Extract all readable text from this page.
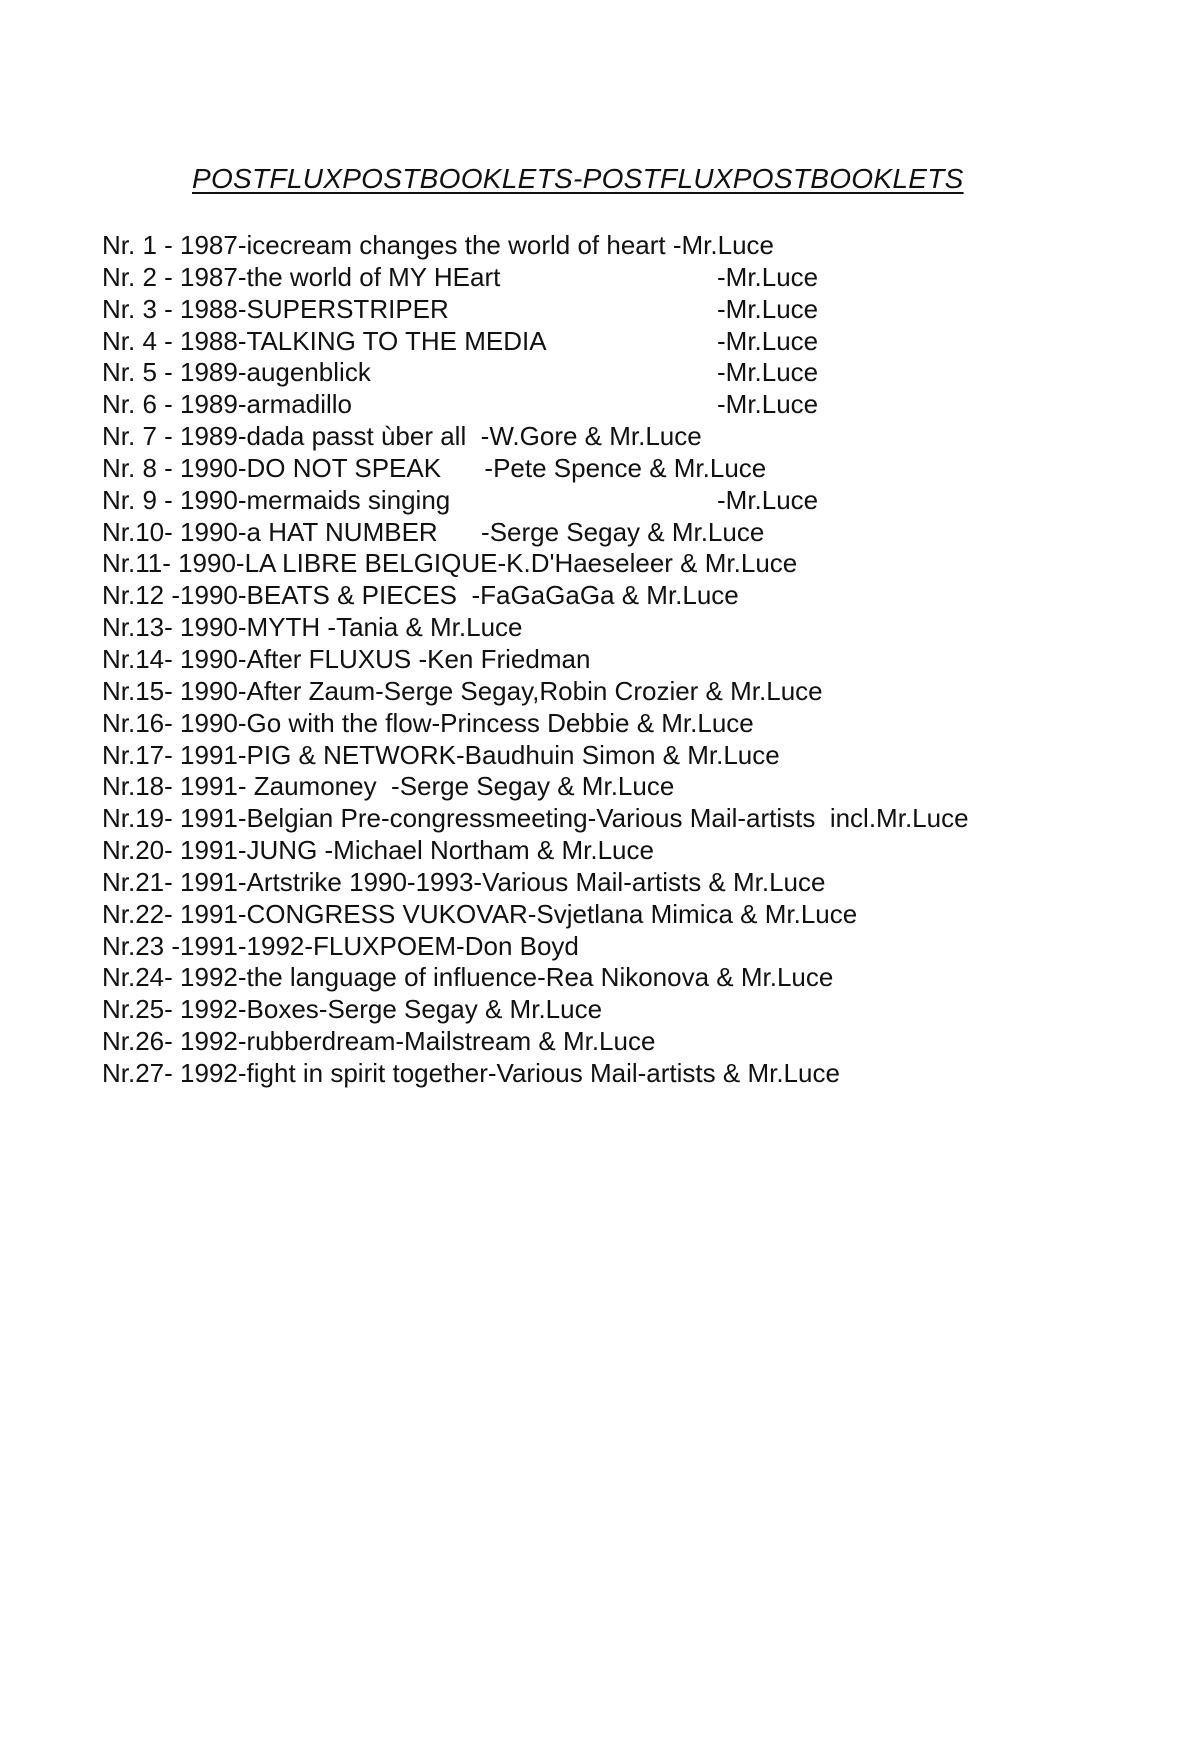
POSTFLUXPOSTBOOKLETS-POSTFLUXPOSTBOOKLETS
Nr. 1 - 1987-icecream changes the world of heart -Mr.Luce
Nr. 2 - 1987-the world of MY HEart	-Mr.Luce
Nr. 3 - 1988-SUPERSTRIPER	-Mr.Luce
Nr. 4 - 1988-TALKING TO THE MEDIA	-Mr.Luce
Nr. 5 - 1989-augenblick	-Mr.Luce
Nr. 6 - 1989-armadillo	-Mr.Luce
Nr. 7 - 1989-dada passt ùber all  -W.Gore & Mr.Luce
Nr. 8 - 1990-DO NOT SPEAK      -Pete Spence & Mr.Luce
Nr. 9 - 1990-mermaids singing	-Mr.Luce
Nr.10- 1990-a HAT NUMBER      -Serge Segay & Mr.Luce
Nr.11- 1990-LA LIBRE BELGIQUE-K.D'Haeseleer & Mr.Luce
Nr.12 -1990-BEATS & PIECES  -FaGaGaGa & Mr.Luce
Nr.13- 1990-MYTH -Tania & Mr.Luce
Nr.14- 1990-After FLUXUS -Ken Friedman
Nr.15- 1990-After Zaum-Serge Segay,Robin Crozier & Mr.Luce
Nr.16- 1990-Go with the flow-Princess Debbie & Mr.Luce
Nr.17- 1991-PIG & NETWORK-Baudhuin Simon & Mr.Luce
Nr.18- 1991- Zaumoney  -Serge Segay & Mr.Luce
Nr.19- 1991-Belgian Pre-congressmeeting-Various Mail-artists  incl.Mr.Luce
Nr.20- 1991-JUNG -Michael Northam & Mr.Luce
Nr.21- 1991-Artstrike 1990-1993-Various Mail-artists & Mr.Luce
Nr.22- 1991-CONGRESS VUKOVAR-Svjetlana Mimica & Mr.Luce
Nr.23 -1991-1992-FLUXPOEM-Don Boyd
Nr.24- 1992-the language of influence-Rea Nikonova & Mr.Luce
Nr.25- 1992-Boxes-Serge Segay & Mr.Luce
Nr.26- 1992-rubberdream-Mailstream & Mr.Luce
Nr.27- 1992-fight in spirit together-Various Mail-artists & Mr.Luce
